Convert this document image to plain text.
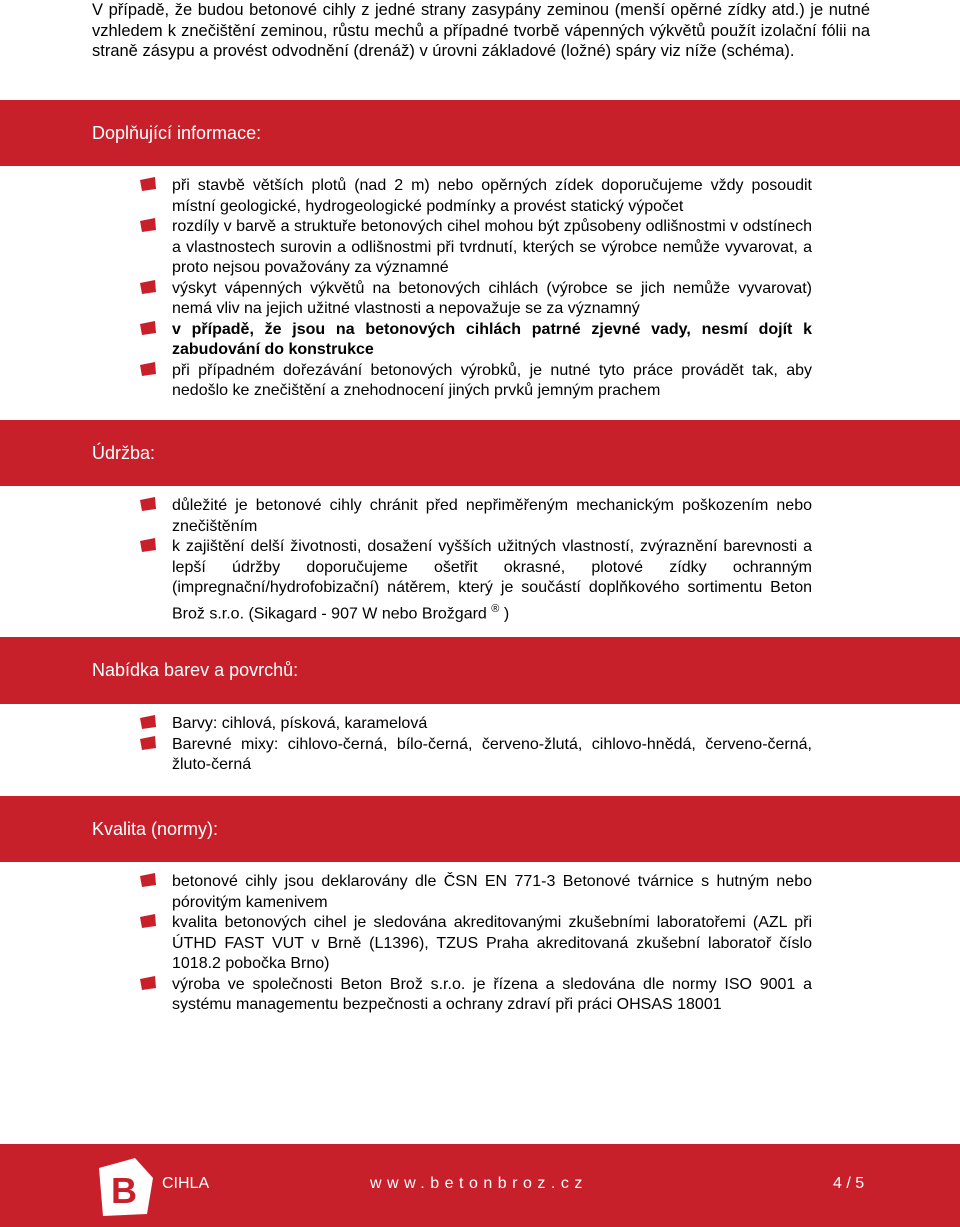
V případě, že budou betonové cihly z jedné strany zasypány zeminou (menší opěrné zídky atd.) je nutné vzhledem k znečištění zeminou, růstu mechů a případné tvorbě vápenných výkvětů použít izolační fólii na straně zásypu a provést odvodnění (drenáž) v úrovni základové (ložné) spáry viz níže (schéma).
Doplňující informace:
při stavbě větších plotů (nad 2 m) nebo opěrných zídek doporučujeme vždy posoudit místní geologické, hydrogeologické podmínky a provést statický výpočet
rozdíly v barvě a struktuře betonových cihel mohou být způsobeny odlišnostmi v odstínech a vlastnostech surovin a odlišnostmi při tvrdnutí, kterých se výrobce nemůže vyvarovat, a proto nejsou považovány za významné
výskyt vápenných výkvětů na betonových cihlách (výrobce se jich nemůže vyvarovat) nemá vliv na jejich užitné vlastnosti a nepovažuje se za významný
v případě, že jsou na betonových cihlách patrné zjevné vady, nesmí dojít k zabudování do konstrukce
při případném dořezávání betonových výrobků, je nutné tyto práce provádět tak, aby nedošlo ke znečištění a znehodnocení jiných prvků jemným prachem
Údržba:
důležité je betonové cihly chránit před nepřiměřeným mechanickým poškozením nebo znečištěním
k zajištění delší životnosti, dosažení vyšších užitných vlastností, zvýraznění barevnosti a lepší údržby doporučujeme ošetřit okrasné, plotové zídky ochranným (impregnační/hydrofobizační) nátěrem, který je součástí doplňkového sortimentu Beton Brož s.r.o. (Sikagard - 907 W nebo Brožgard ® )
Nabídka barev a povrchů:
Barvy: cihlová, písková, karamelová
Barevné mixy: cihlovo-černá, bílo-černá, červeno-žlutá, cihlovo-hnědá, červeno-černá, žluto-černá
Kvalita (normy):
betonové cihly jsou deklarovány dle ČSN EN 771-3 Betonové tvárnice s hutným nebo pórovitým kamenivem
kvalita betonových cihel je sledována akreditovanými zkušebními laboratořemi (AZL při ÚTHD FAST VUT v Brně (L1396), TZUS Praha akreditovaná zkušební laboratoř číslo 1018.2 pobočka Brno)
výroba ve společnosti Beton Brož s.r.o. je řízena a sledována dle normy ISO 9001 a systému managementu bezpečnosti a ochrany zdraví při práci OHSAS 18001
B CIHLA	www.betonbroz.cz	4 / 5
